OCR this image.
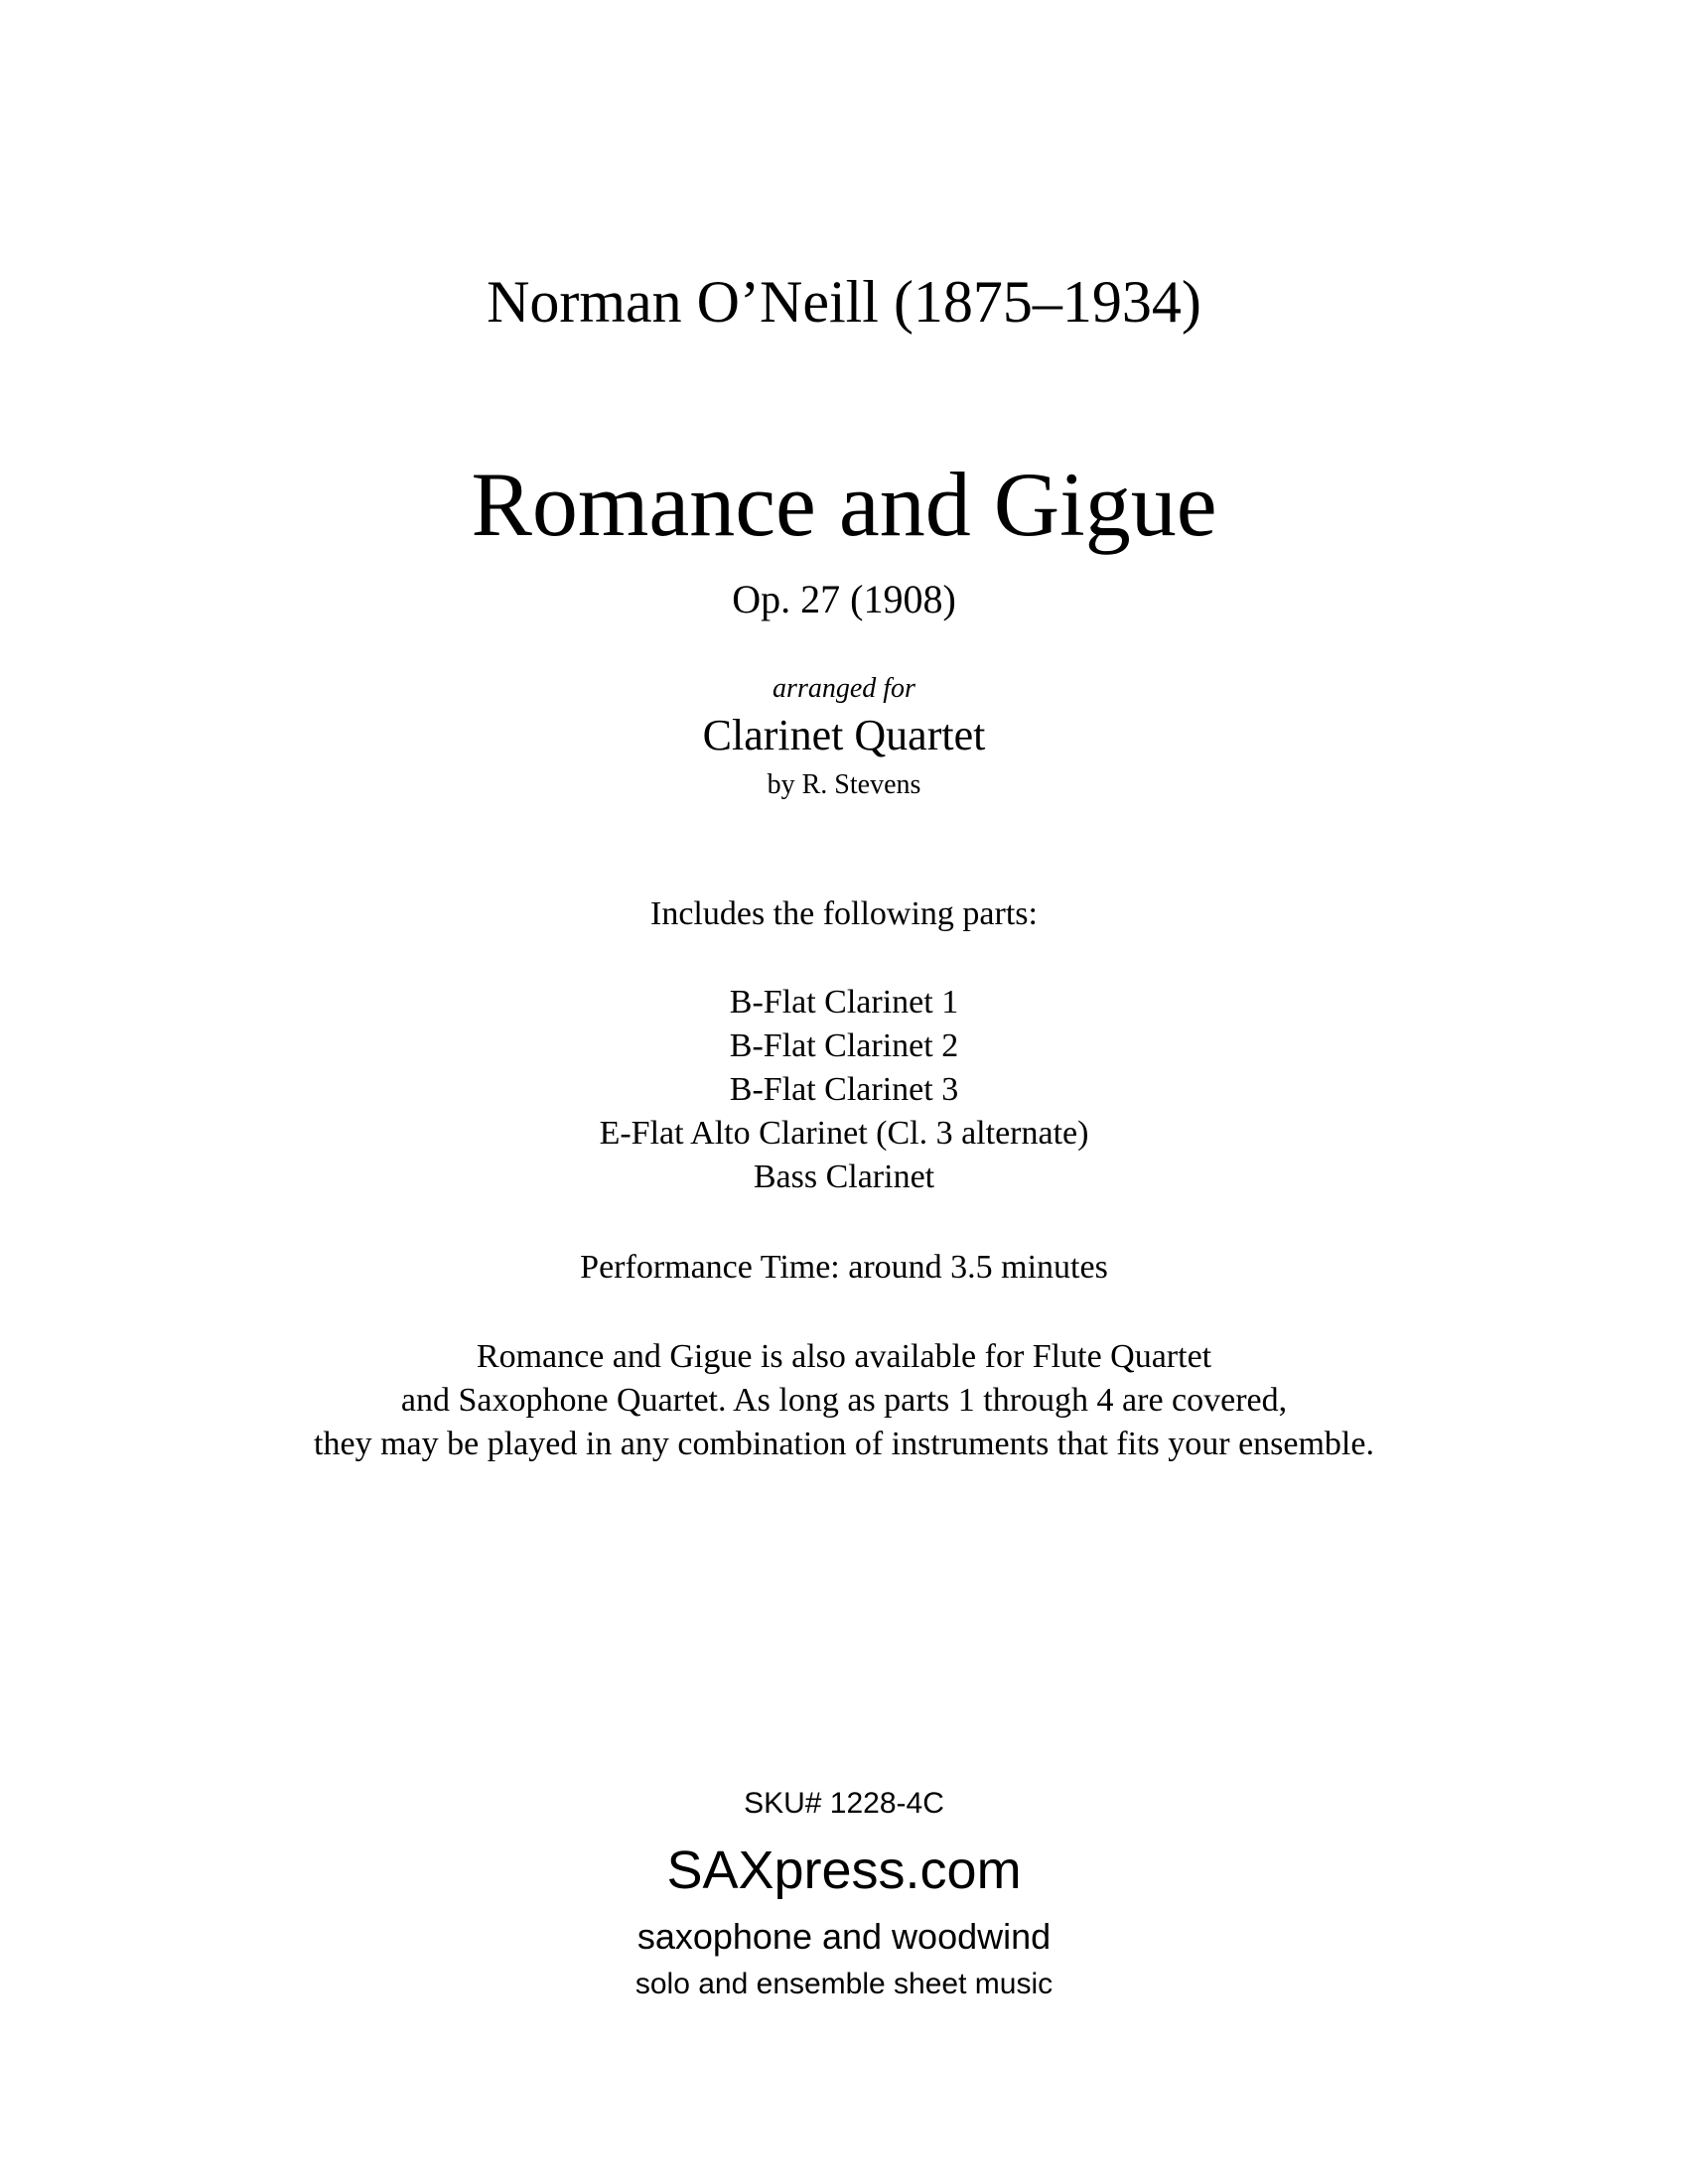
Norman O’Neill (1875–1934)

Romance and Gigue

Op. 27 (1908)

arranged for

Clarinet Quartet

by R. Stevens

Includes the following parts:

B-Flat Clarinet 1
B-Flat Clarinet 2
B-Flat Clarinet 3
E-Flat Alto Clarinet (Cl. 3 alternate)
Bass Clarinet

Performance Time: around 3.5 minutes

Romance and Gigue is also available for Flute Quartet
and Saxophone Quartet. As long as parts 1 through 4 are covered,
they may be played in any combination of instruments that fits your ensemble.

SKU# 1228-4C

SAXpress.com

saxophone and woodwind

solo and ensemble sheet music
